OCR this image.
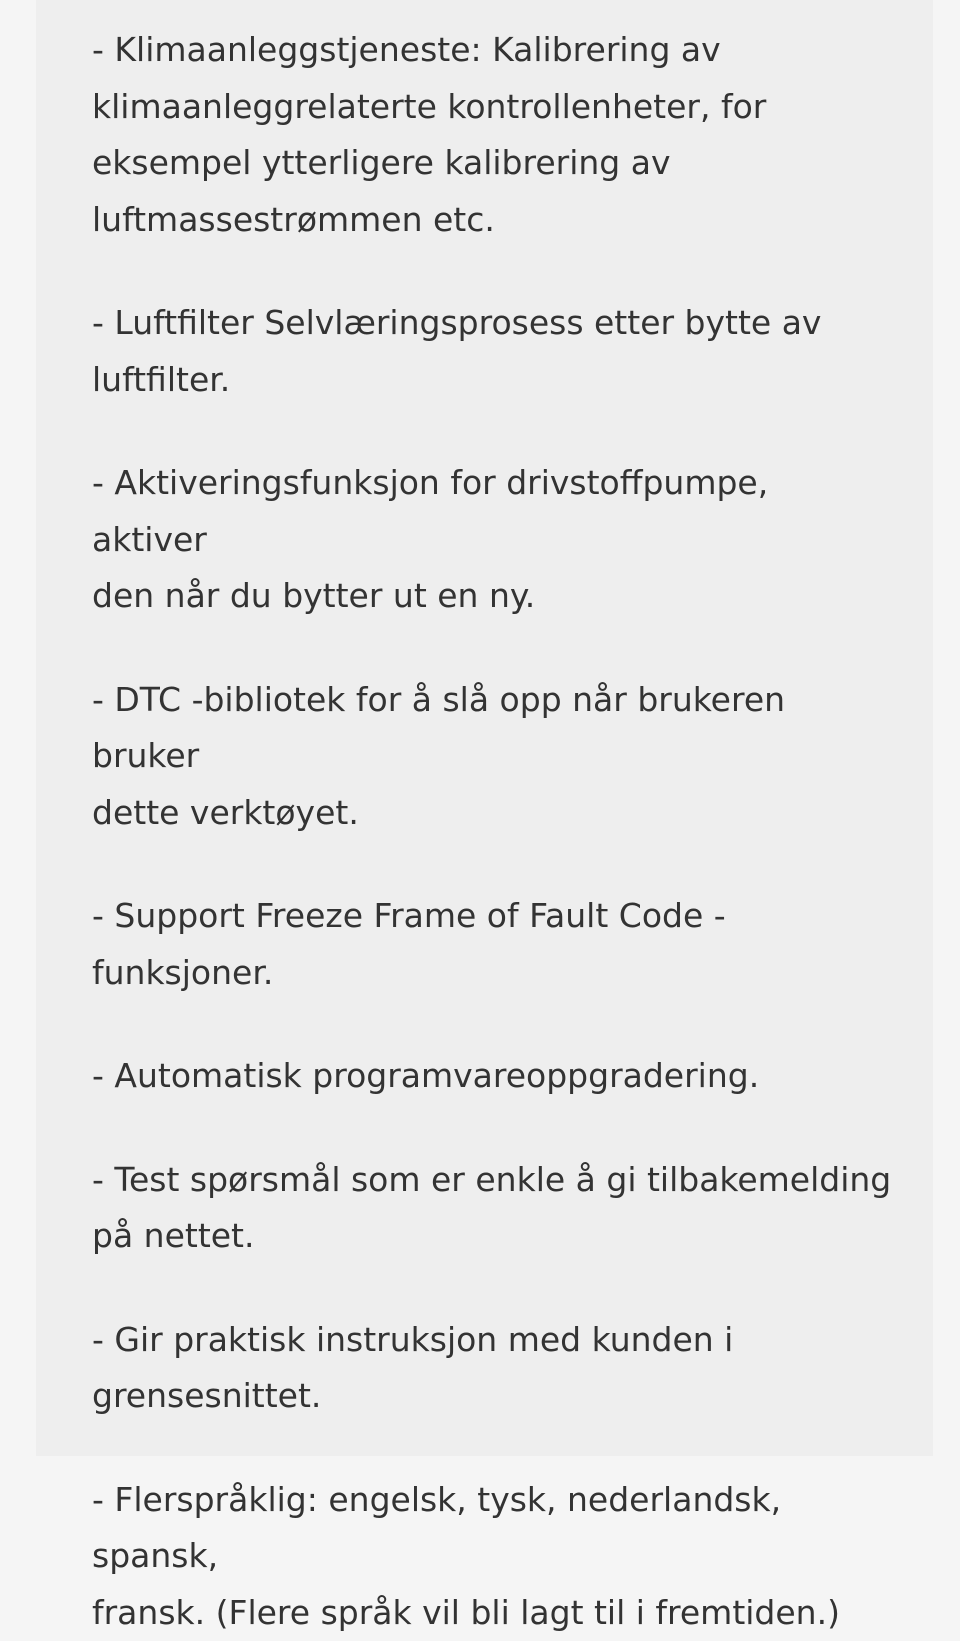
- Klimaanleggstjeneste: Kalibrering av
klimaanleggrelaterte kontrollenheter, for
eksempel ytterligere kalibrering av
luftmassestrømmen etc.

- Luftfilter Selvlæringsprosess etter bytte av
luftfilter.

- Aktiveringsfunksjon for drivstoffpumpe, aktiver
den når du bytter ut en ny.

- DTC -bibliotek for å slå opp når brukeren bruker
dette verktøyet.

- Support Freeze Frame of Fault Code -funksjoner.

- Automatisk programvareoppgradering.

- Test spørsmål som er enkle å gi tilbakemelding
på nettet.

- Gir praktisk instruksjon med kunden i
grensesnittet.

- Flerspråklig: engelsk, tysk, nederlandsk, spansk,
fransk. (Flere språk vil bli lagt til i fremtiden.)
